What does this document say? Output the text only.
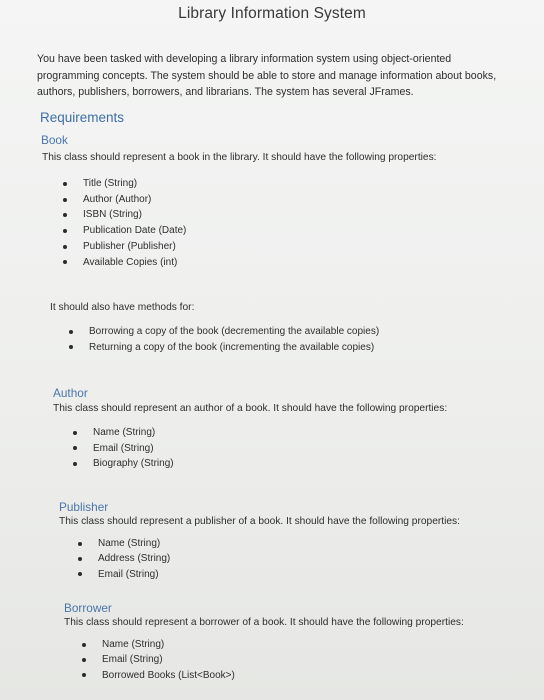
Library Information System
You have been tasked with developing a library information system using object-oriented programming concepts. The system should be able to store and manage information about books, authors, publishers, borrowers, and librarians. The system has several JFrames.
Requirements
Book
This class should represent a book in the library. It should have the following properties:
Title (String)
Author (Author)
ISBN (String)
Publication Date (Date)
Publisher (Publisher)
Available Copies (int)
It should also have methods for:
Borrowing a copy of the book (decrementing the available copies)
Returning a copy of the book (incrementing the available copies)
Author
This class should represent an author of a book. It should have the following properties:
Name (String)
Email (String)
Biography (String)
Publisher
This class should represent a publisher of a book. It should have the following properties:
Name (String)
Address (String)
Email (String)
Borrower
This class should represent a borrower of a book. It should have the following properties:
Name (String)
Email (String)
Borrowed Books (List<Book>)
